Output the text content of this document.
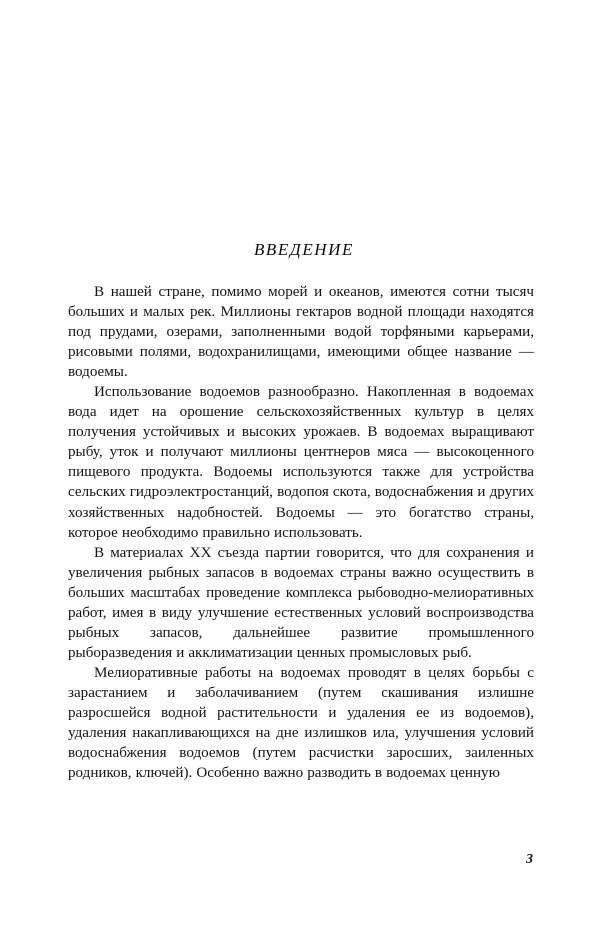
ВВЕДЕНИЕ

В нашей стране, помимо морей и океанов, имеются сотни тысяч больших и малых рек. Миллионы гектаров водной площади находятся под прудами, озерами, заполненными водой торфяными карьерами, рисовыми полями, водохранилищами, имеющими общее название — водоемы.

Использование водоемов разнообразно. Накопленная в водоемах вода идет на орошение сельскохозяйственных культур в целях получения устойчивых и высоких урожаев. В водоемах выращивают рыбу, уток и получают миллионы центнеров мяса — высокоценного пищевого продукта. Водоемы используются также для устройства сельских гидроэлектростанций, водопоя скота, водоснабжения и других хозяйственных надобностей. Водоемы — это богатство страны, которое необходимо правильно использовать.

В материалах XX съезда партии говорится, что для сохранения и увеличения рыбных запасов в водоемах страны важно осуществить в больших масштабах проведение комплекса рыбоводно-мелиоративных работ, имея в виду улучшение естественных условий воспроизводства рыбных запасов, дальнейшее развитие промышленного рыборазведения и акклиматизации ценных промысловых рыб.

Мелиоративные работы на водоемах проводят в целях борьбы с зарастанием и заболачиванием (путем скашивания излишне разросшейся водной растительности и удаления ее из водоемов), удаления накапливающихся на дне излишков ила, улучшения условий водоснабжения водоемов (путем расчистки заросших, заиленных родников, ключей). Особенно важно разводить в водоемах ценную

3
